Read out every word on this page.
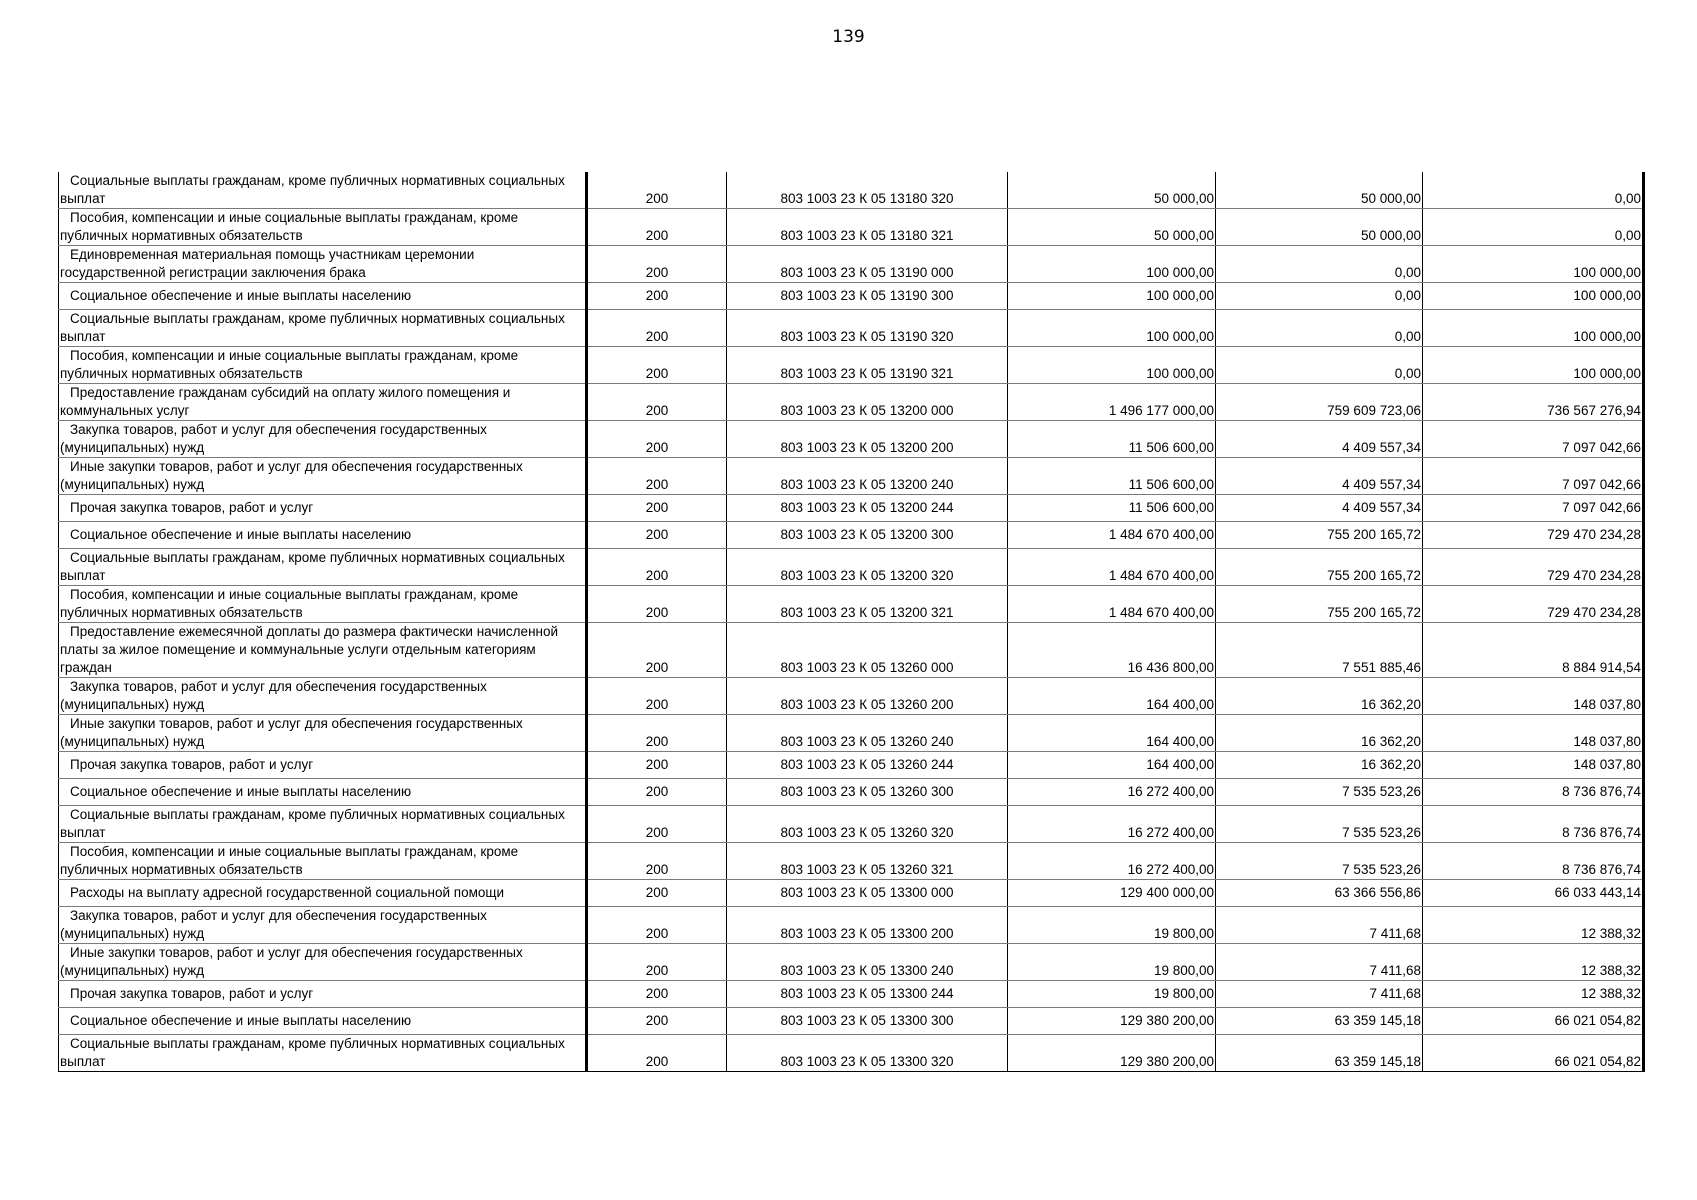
139
Социальные выплаты гражданам, кроме публичных нормативных социальных выплат	200	803 1003 23 К 05 13180 320	50 000,00	50 000,00	0,00

Пособия, компенсации и иные социальные выплаты гражданам, кроме публичных нормативных обязательств	200	803 1003 23 К 05 13180 321	50 000,00	50 000,00	0,00

Единовременная материальная помощь участникам церемонии государственной регистрации заключения брака	200	803 1003 23 К 05 13190 000	100 000,00	0,00	100 000,00

Социальное обеспечение и иные выплаты населению	200	803 1003 23 К 05 13190 300	100 000,00	0,00	100 000,00

Социальные выплаты гражданам, кроме публичных нормативных социальных выплат	200	803 1003 23 К 05 13190 320	100 000,00	0,00	100 000,00

Пособия, компенсации и иные социальные выплаты гражданам, кроме публичных нормативных обязательств	200	803 1003 23 К 05 13190 321	100 000,00	0,00	100 000,00

Предоставление гражданам субсидий на оплату жилого помещения и коммунальных услуг	200	803 1003 23 К 05 13200 000	1 496 177 000,00	759 609 723,06	736 567 276,94

Закупка товаров, работ и услуг для обеспечения государственных (муниципальных) нужд	200	803 1003 23 К 05 13200 200	11 506 600,00	4 409 557,34	7 097 042,66

Иные закупки товаров, работ и услуг для обеспечения государственных (муниципальных) нужд	200	803 1003 23 К 05 13200 240	11 506 600,00	4 409 557,34	7 097 042,66

Прочая закупка товаров, работ и услуг	200	803 1003 23 К 05 13200 244	11 506 600,00	4 409 557,34	7 097 042,66

Социальное обеспечение и иные выплаты населению	200	803 1003 23 К 05 13200 300	1 484 670 400,00	755 200 165,72	729 470 234,28

Социальные выплаты гражданам, кроме публичных нормативных социальных выплат	200	803 1003 23 К 05 13200 320	1 484 670 400,00	755 200 165,72	729 470 234,28

Пособия, компенсации и иные социальные выплаты гражданам, кроме публичных нормативных обязательств	200	803 1003 23 К 05 13200 321	1 484 670 400,00	755 200 165,72	729 470 234,28

Предоставление ежемесячной доплаты до размера фактически начисленной платы за жилое помещение и коммунальные услуги отдельным категориям граждан	200	803 1003 23 К 05 13260 000	16 436 800,00	7 551 885,46	8 884 914,54

Закупка товаров, работ и услуг для обеспечения государственных (муниципальных) нужд	200	803 1003 23 К 05 13260 200	164 400,00	16 362,20	148 037,80

Иные закупки товаров, работ и услуг для обеспечения государственных (муниципальных) нужд	200	803 1003 23 К 05 13260 240	164 400,00	16 362,20	148 037,80

Прочая закупка товаров, работ и услуг	200	803 1003 23 К 05 13260 244	164 400,00	16 362,20	148 037,80

Социальное обеспечение и иные выплаты населению	200	803 1003 23 К 05 13260 300	16 272 400,00	7 535 523,26	8 736 876,74

Социальные выплаты гражданам, кроме публичных нормативных социальных выплат	200	803 1003 23 К 05 13260 320	16 272 400,00	7 535 523,26	8 736 876,74

Пособия, компенсации и иные социальные выплаты гражданам, кроме публичных нормативных обязательств	200	803 1003 23 К 05 13260 321	16 272 400,00	7 535 523,26	8 736 876,74

Расходы на выплату адресной государственной социальной помощи	200	803 1003 23 К 05 13300 000	129 400 000,00	63 366 556,86	66 033 443,14

Закупка товаров, работ и услуг для обеспечения государственных (муниципальных) нужд	200	803 1003 23 К 05 13300 200	19 800,00	7 411,68	12 388,32

Иные закупки товаров, работ и услуг для обеспечения государственных (муниципальных) нужд	200	803 1003 23 К 05 13300 240	19 800,00	7 411,68	12 388,32

Прочая закупка товаров, работ и услуг	200	803 1003 23 К 05 13300 244	19 800,00	7 411,68	12 388,32

Социальное обеспечение и иные выплаты населению	200	803 1003 23 К 05 13300 300	129 380 200,00	63 359 145,18	66 021 054,82

Социальные выплаты гражданам, кроме публичных нормативных социальных выплат	200	803 1003 23 К 05 13300 320	129 380 200,00	63 359 145,18	66 021 054,82
